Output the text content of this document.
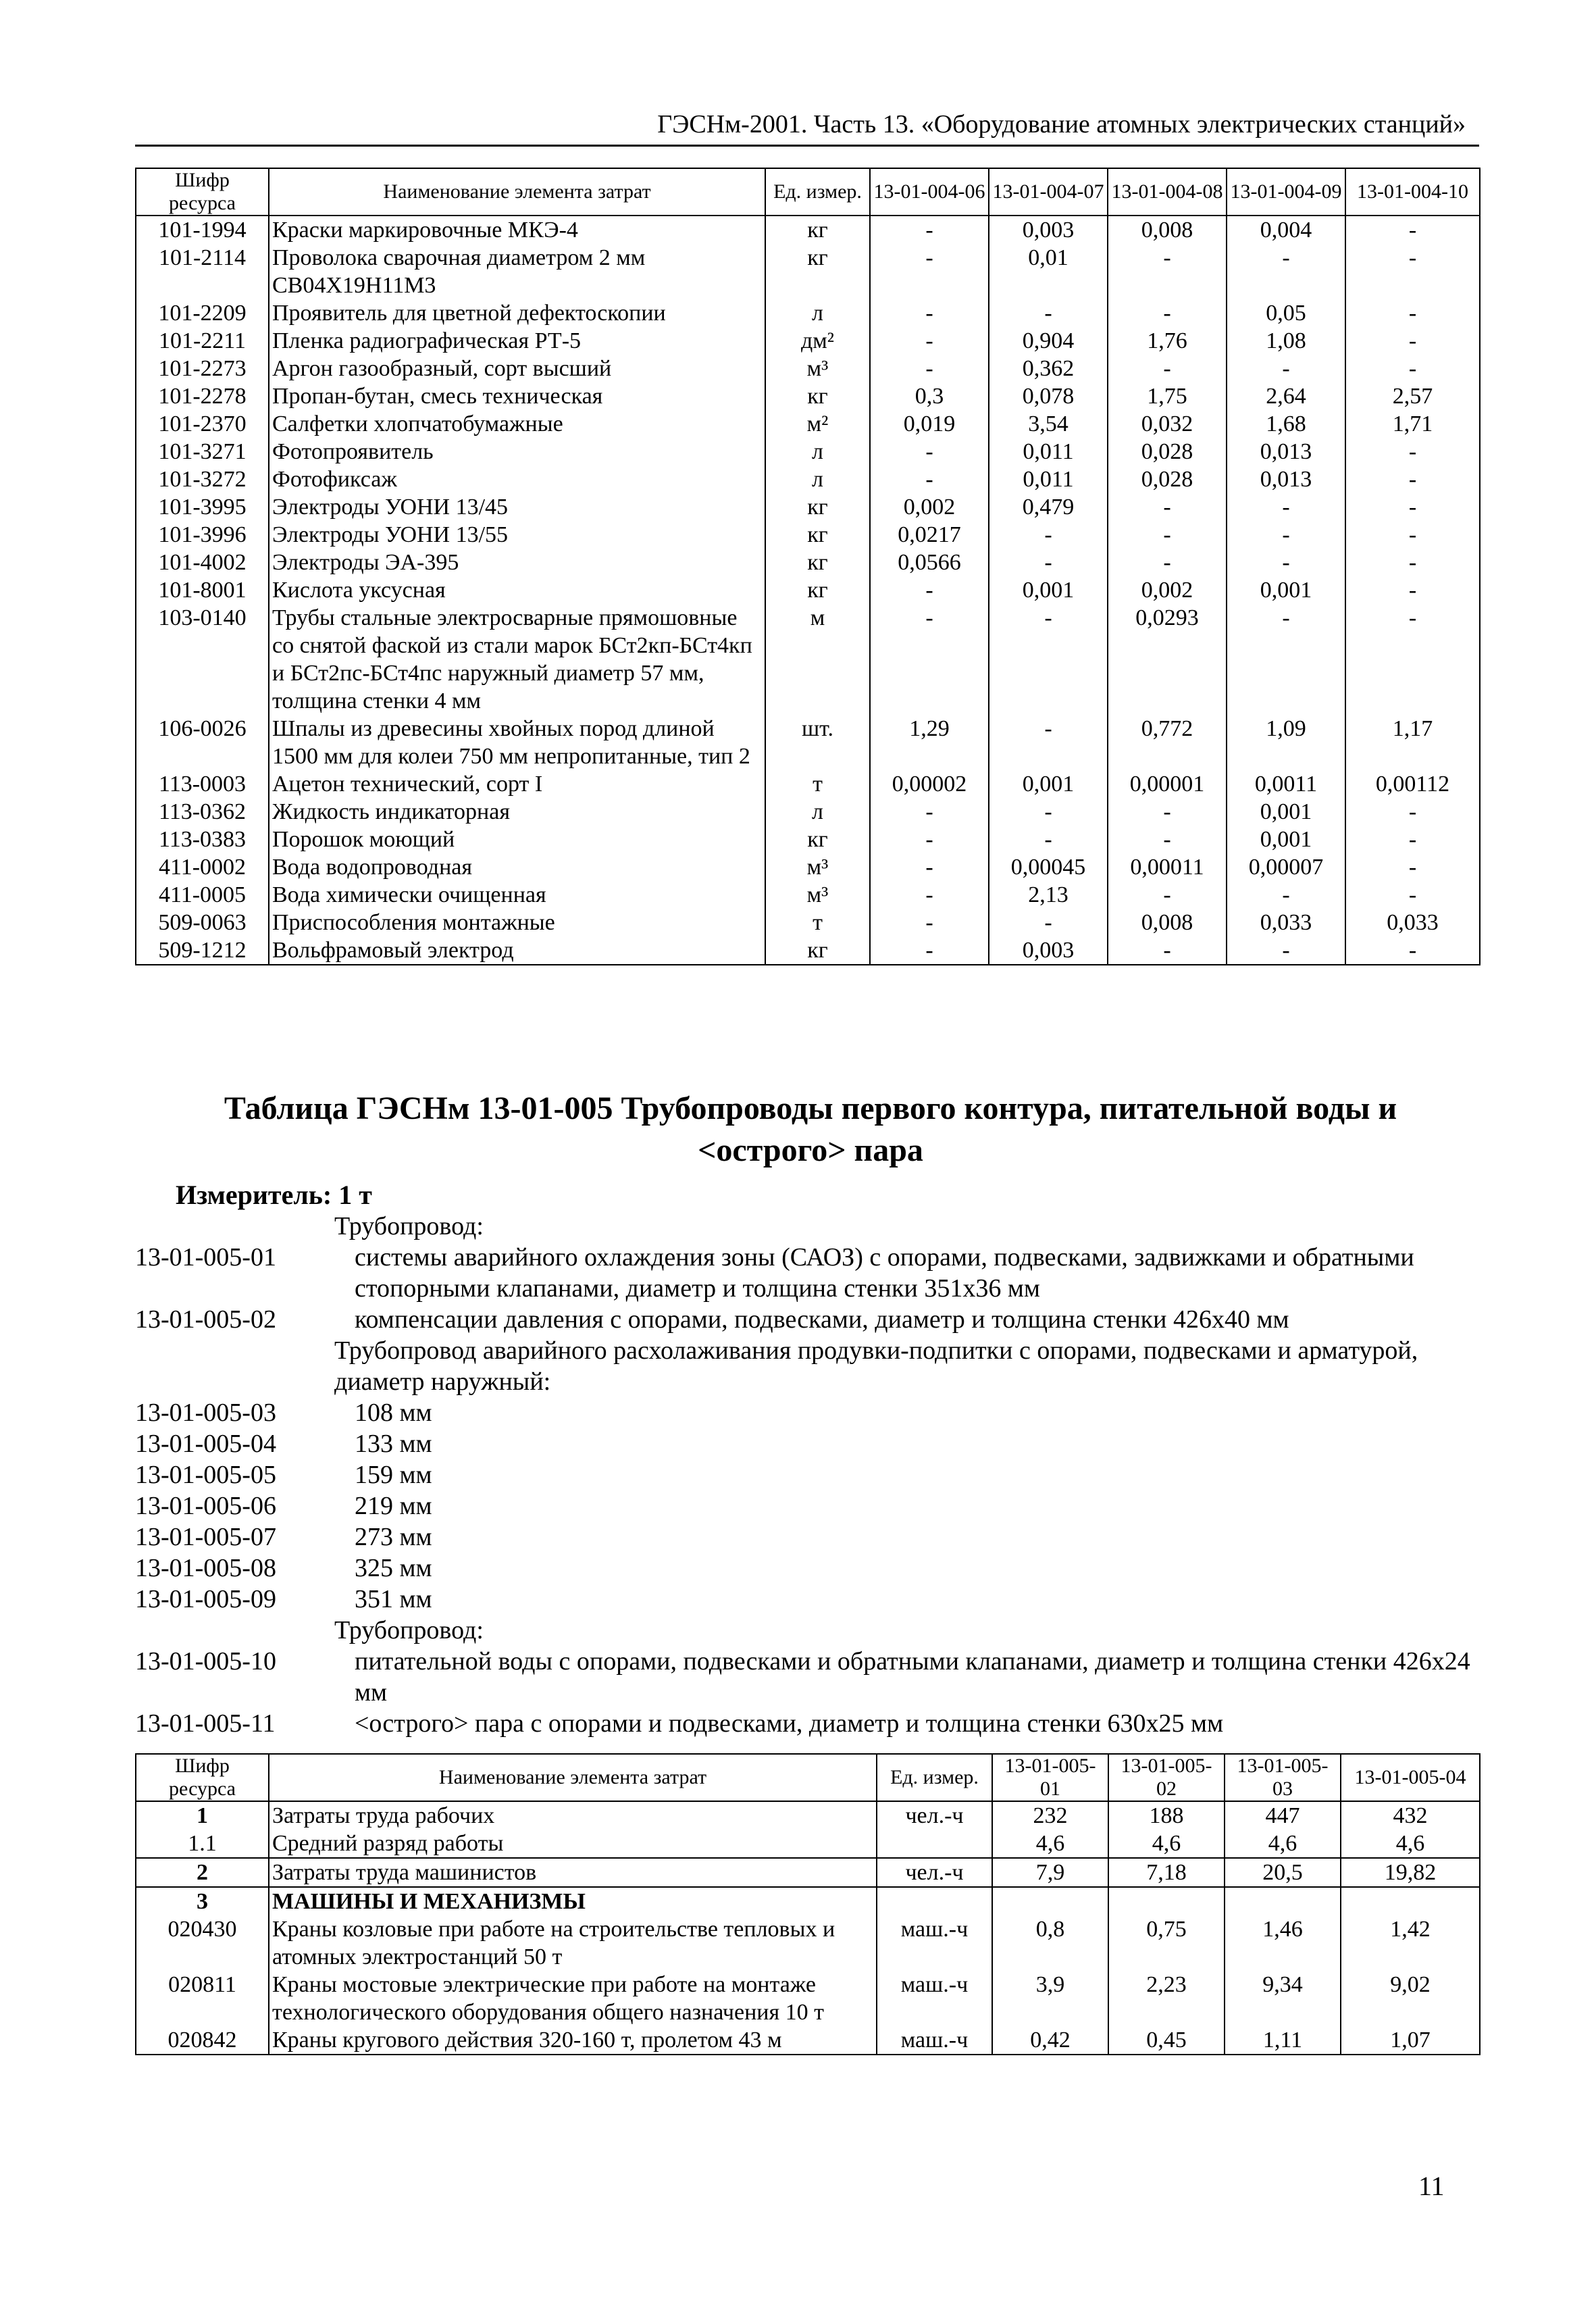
ГЭСНм-2001. Часть 13. «Оборудование атомных электрических станций»
Шифр ресурса	Наименование элемента затрат	Ед. измер.	13-01-004-06	13-01-004-07	13-01-004-08	13-01-004-09	13-01-004-10
101-1994	Краски маркировочные МКЭ-4	кг	-	0,003	0,008	0,004	-
101-2114	Проволока сварочная диаметром 2 мм СВ04Х19Н11М3	кг	-	0,01	-	-	-
101-2209	Проявитель для цветной дефектоскопии	л	-	-	-	0,05	-
101-2211	Пленка радиографическая РТ-5	дм²	-	0,904	1,76	1,08	-
101-2273	Аргон газообразный, сорт высший	м³	-	0,362	-	-	-
101-2278	Пропан-бутан, смесь техническая	кг	0,3	0,078	1,75	2,64	2,57
101-2370	Салфетки хлопчатобумажные	м²	0,019	3,54	0,032	1,68	1,71
101-3271	Фотопроявитель	л	-	0,011	0,028	0,013	-
101-3272	Фотофиксаж	л	-	0,011	0,028	0,013	-
101-3995	Электроды УОНИ 13/45	кг	0,002	0,479	-	-	-
101-3996	Электроды УОНИ 13/55	кг	0,0217	-	-	-	-
101-4002	Электроды ЭА-395	кг	0,0566	-	-	-	-
101-8001	Кислота уксусная	кг	-	0,001	0,002	0,001	-
103-0140	Трубы стальные электросварные прямошовные со снятой фаской из стали марок БСт2кп-БСт4кп и БСт2пс-БСт4пс наружный диаметр 57 мм, толщина стенки 4 мм	м	-	-	0,0293	-	-
106-0026	Шпалы из древесины хвойных пород длиной 1500 мм для колеи 750 мм непропитанные, тип 2	шт.	1,29	-	0,772	1,09	1,17
113-0003	Ацетон технический, сорт I	т	0,00002	0,001	0,00001	0,0011	0,00112
113-0362	Жидкость индикаторная	л	-	-	-	0,001	-
113-0383	Порошок моющий	кг	-	-	-	0,001	-
411-0002	Вода водопроводная	м³	-	0,00045	0,00011	0,00007	-
411-0005	Вода химически очищенная	м³	-	2,13	-	-	-
509-0063	Приспособления монтажные	т	-	-	0,008	0,033	0,033
509-1212	Вольфрамовый электрод	кг	-	0,003	-	-	-
Таблица ГЭСНм 13-01-005 Трубопроводы первого контура, питательной воды и
<острого> пара
Измеритель: 1 т
Трубопровод:
13-01-005-01	системы аварийного охлаждения зоны (САОЗ) с опорами, подвесками, задвижками и обратными стопорными клапанами, диаметр и толщина стенки 351х36 мм
13-01-005-02	компенсации давления с опорами, подвесками, диаметр и толщина стенки 426х40 мм
Трубопровод аварийного расхолаживания продувки-подпитки с опорами, подвесками и арматурой, диаметр наружный:
13-01-005-03	108 мм
13-01-005-04	133 мм
13-01-005-05	159 мм
13-01-005-06	219 мм
13-01-005-07	273 мм
13-01-005-08	325 мм
13-01-005-09	351 мм
Трубопровод:
13-01-005-10	питательной воды с опорами, подвесками и обратными клапанами, диаметр и толщина стенки 426х24 мм
13-01-005-11	<острого> пара с опорами и подвесками, диаметр и толщина стенки 630х25 мм
Шифр ресурса	Наименование элемента затрат	Ед. измер.	13-01-005-01	13-01-005-02	13-01-005-03	13-01-005-04
1	Затраты труда рабочих	чел.-ч	232	188	447	432
1.1	Средний разряд работы		4,6	4,6	4,6	4,6
2	Затраты труда машинистов	чел.-ч	7,9	7,18	20,5	19,82
3	МАШИНЫ И МЕХАНИЗМЫ					
020430	Краны козловые при работе на строительстве тепловых и атомных электростанций 50 т	маш.-ч	0,8	0,75	1,46	1,42
020811	Краны мостовые электрические при работе на монтаже технологического оборудования общего назначения 10 т	маш.-ч	3,9	2,23	9,34	9,02
020842	Краны кругового действия 320-160 т, пролетом 43 м	маш.-ч	0,42	0,45	1,11	1,07
11
